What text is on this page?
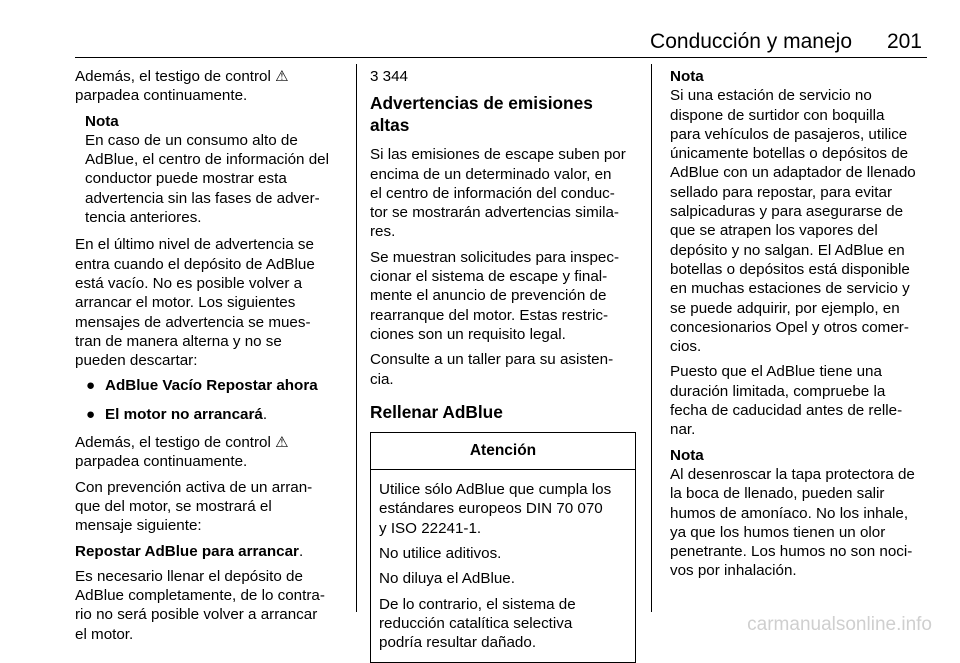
Conducción y manejo 201

Además, el testigo de control ⚠
parpadea continuamente.

Nota
En caso de un consumo alto de
AdBlue, el centro de información del
conductor puede mostrar esta
advertencia sin las fases de adver-
tencia anteriores.

En el último nivel de advertencia se
entra cuando el depósito de AdBlue
está vacío. No es posible volver a
arrancar el motor. Los siguientes
mensajes de advertencia se mues-
tran de manera alterna y no se
pueden descartar:

● AdBlue Vacío Repostar ahora
● El motor no arrancará.

Además, el testigo de control ⚠
parpadea continuamente.

Con prevención activa de un arran-
que del motor, se mostrará el
mensaje siguiente:

Repostar AdBlue para arrancar.

Es necesario llenar el depósito de
AdBlue completamente, de lo contra-
rio no será posible volver a arrancar
el motor.

3 344

Advertencias de emisiones altas

Si las emisiones de escape suben por
encima de un determinado valor, en
el centro de información del conduc-
tor se mostrarán advertencias simila-
res.

Se muestran solicitudes para inspec-
cionar el sistema de escape y final-
mente el anuncio de prevención de
rearranque del motor. Estas restric-
ciones son un requisito legal.

Consulte a un taller para su asisten-
cia.

Rellenar AdBlue
Atención

Utilice sólo AdBlue que cumpla los
estándares europeos DIN 70 070
y ISO 22241-1.

No utilice aditivos.

No diluya el AdBlue.

De lo contrario, el sistema de
reducción catalítica selectiva
podría resultar dañado.

Nota
Si una estación de servicio no
dispone de surtidor con boquilla
para vehículos de pasajeros, utilice
únicamente botellas o depósitos de
AdBlue con un adaptador de llenado
sellado para repostar, para evitar
salpicaduras y para asegurarse de
que se atrapen los vapores del
depósito y no salgan. El AdBlue en
botellas o depósitos está disponible
en muchas estaciones de servicio y
se puede adquirir, por ejemplo, en
concesionarios Opel y otros comer-
cios.

Puesto que el AdBlue tiene una
duración limitada, compruebe la
fecha de caducidad antes de relle-
nar.

Nota
Al desenroscar la tapa protectora de
la boca de llenado, pueden salir
humos de amoníaco. No los inhale,
ya que los humos tienen un olor
penetrante. Los humos no son noci-
vos por inhalación.
carmanualsonline.info
